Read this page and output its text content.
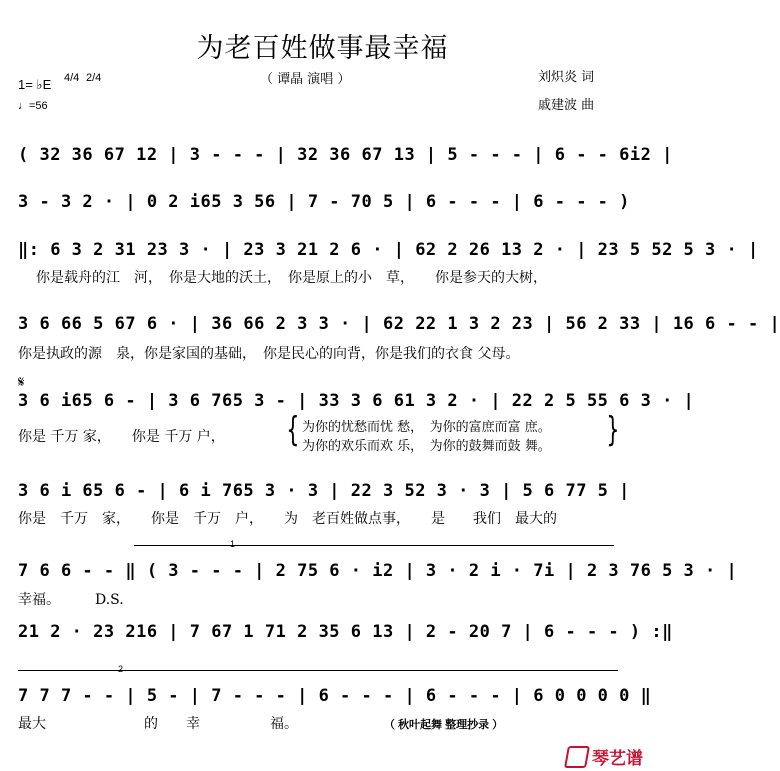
为老百姓做事最幸福
（ 谭晶 演唱 ）	刘炽炎 词
戚建波 曲
1= ♭E 4/4 2/4
♩=56
( 32 36 67 12 | 3 - - - | 32 36 67 13 | 5 - - - | 6 - - 6i2 |
3 - 3 2 · | 0 2 i65 3 56 | 7 - 70 5 | 6 - - - | 6 - - - )
‖: 6 3 2 31 23 3 · | 23 3 21 2 6 · | 62 2 26 13 2 · | 23 5 52 5 3 · |
你是载舟的江　河，　你是大地的沃土，　你是原上的小　草，　　你是参天的大树，
3 6 66 5 67 6 · | 36 66 2 3 3 · | 62 22 1 3 2 23 | 56 2 33 | 16 6 - - |
你是执政的源　泉，你是家国的基础，　你是民心的向背，你是我们的衣食 父母。
𝄋
3 6 i65 6 - | 3 6 765 3 - | 33 3 6 61 3 2 · | 22 2 5 55 6 3 · |
你是 千万 家，　　你是 千万 户， { 为你的忧愁而忧 愁，　为你的富庶而富 庶。
为你的欢乐而欢 乐，　为你的鼓舞而鼓 舞。 }
3 6 i 65 6 - | 6 i 765 3 · 3 | 22 3 52 3 · 3 | 5 6 77 5 |
你是　千万　家，　　你是　千万　户，　　为　老百姓做点事，　　是　　我们　最大的
1
7 6 6 - - ‖ ( 3 - - - | 2 75 6 · i2 | 3 · 2 i · 7i | 2 3 76 5 3 · |
幸福。　　　D.S.
21 2 · 23 216 | 7 67 1 71 2 35 6 13 | 2 - 20 7 | 6 - - - ) :‖
2
7 7 7 - - | 5 - | 7 - - - | 6 - - - | 6 - - - | 6 0 0 0 0 ‖
最大　　　　　　　的　　幸　　　　　福。	（ 秋叶起舞 整理抄录 ）
琴艺谱
